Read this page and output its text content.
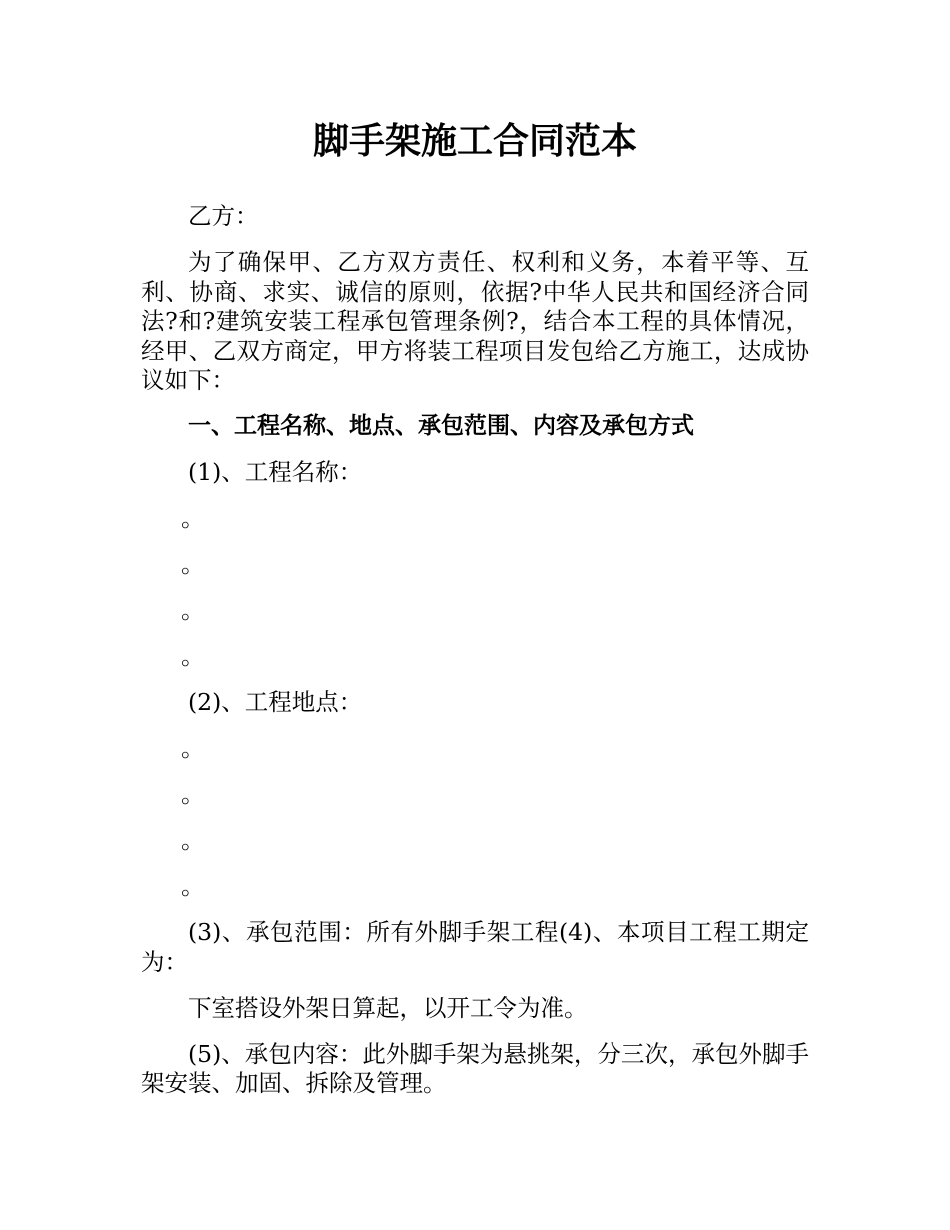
脚手架施工合同范本

乙方：

为了确保甲、乙方双方责任、权利和义务，本着平等、互利、协商、求实、诚信的原则，依据?中华人民共和国经济合同法?和?建筑安装工程承包管理条例?，结合本工程的具体情况，经甲、乙双方商定，甲方将装工程项目发包给乙方施工，达成协议如下：

一、工程名称、地点、承包范围、内容及承包方式

(1)、工程名称：

。

。

。

。

(2)、工程地点：

。

。

。

。

(3)、承包范围：所有外脚手架工程(4)、本项目工程工期定为：

下室搭设外架日算起，以开工令为准。

(5)、承包内容：此外脚手架为悬挑架，分三次，承包外脚手架安装、加固、拆除及管理。
